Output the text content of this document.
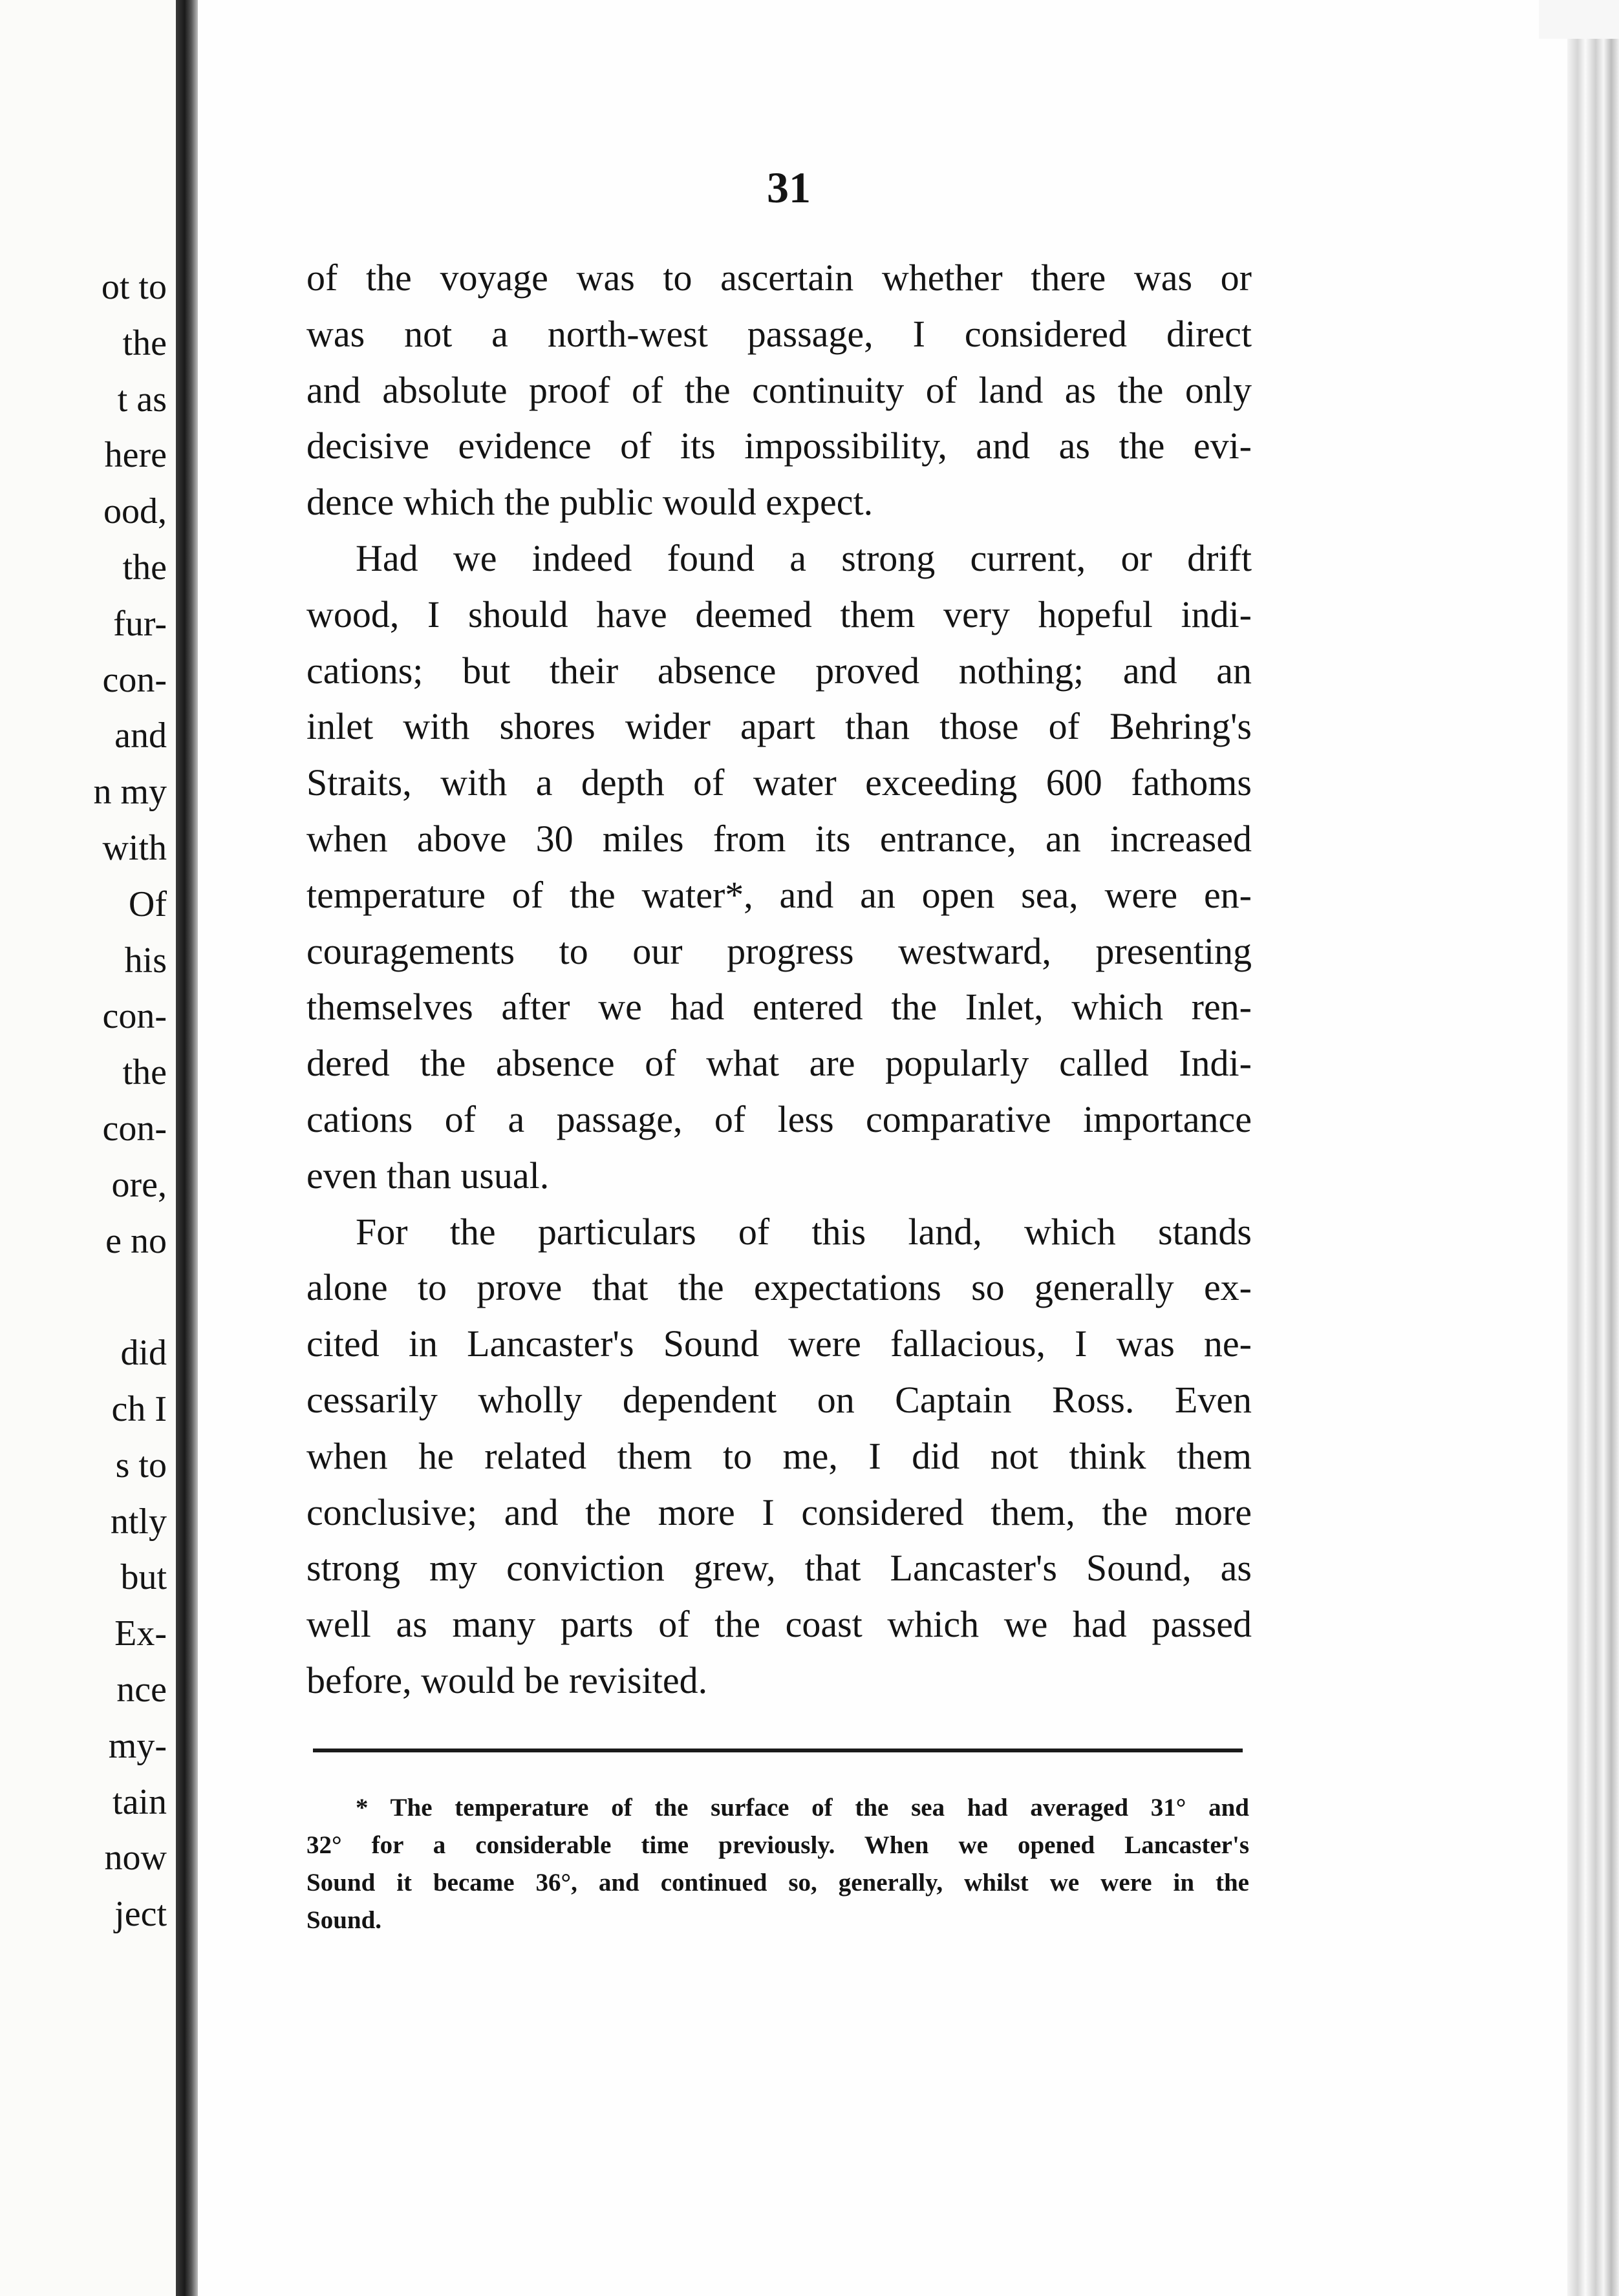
ot to
the
t as
here
ood,
the
fur-
con-
and
n my
with
Of
his
con-
the
con-
ore,
e no
did
ch I
s to
ntly
but
Ex-
nce
my-
tain
now
ject
31
of the voyage was to ascertain whether there was or
was not a north-west passage, I considered direct
and absolute proof of the continuity of land as the only
decisive evidence of its impossibility, and as the evi-
dence which the public would expect.
Had we indeed found a strong current, or drift
wood, I should have deemed them very hopeful indi-
cations; but their absence proved nothing; and an
inlet with shores wider apart than those of Behring's
Straits, with a depth of water exceeding 600 fathoms
when above 30 miles from its entrance, an increased
temperature of the water*, and an open sea, were en-
couragements to our progress westward, presenting
themselves after we had entered the Inlet, which ren-
dered the absence of what are popularly called Indi-
cations of a passage, of less comparative importance
even than usual.
For the particulars of this land, which stands
alone to prove that the expectations so generally ex-
cited in Lancaster's Sound were fallacious, I was ne-
cessarily wholly dependent on Captain Ross. Even
when he related them to me, I did not think them
conclusive; and the more I considered them, the more
strong my conviction grew, that Lancaster's Sound, as
well as many parts of the coast which we had passed
before, would be revisited.
* The temperature of the surface of the sea had averaged 31° and
32° for a considerable time previously. When we opened Lancaster's
Sound it became 36°, and continued so, generally, whilst we were in the
Sound.
